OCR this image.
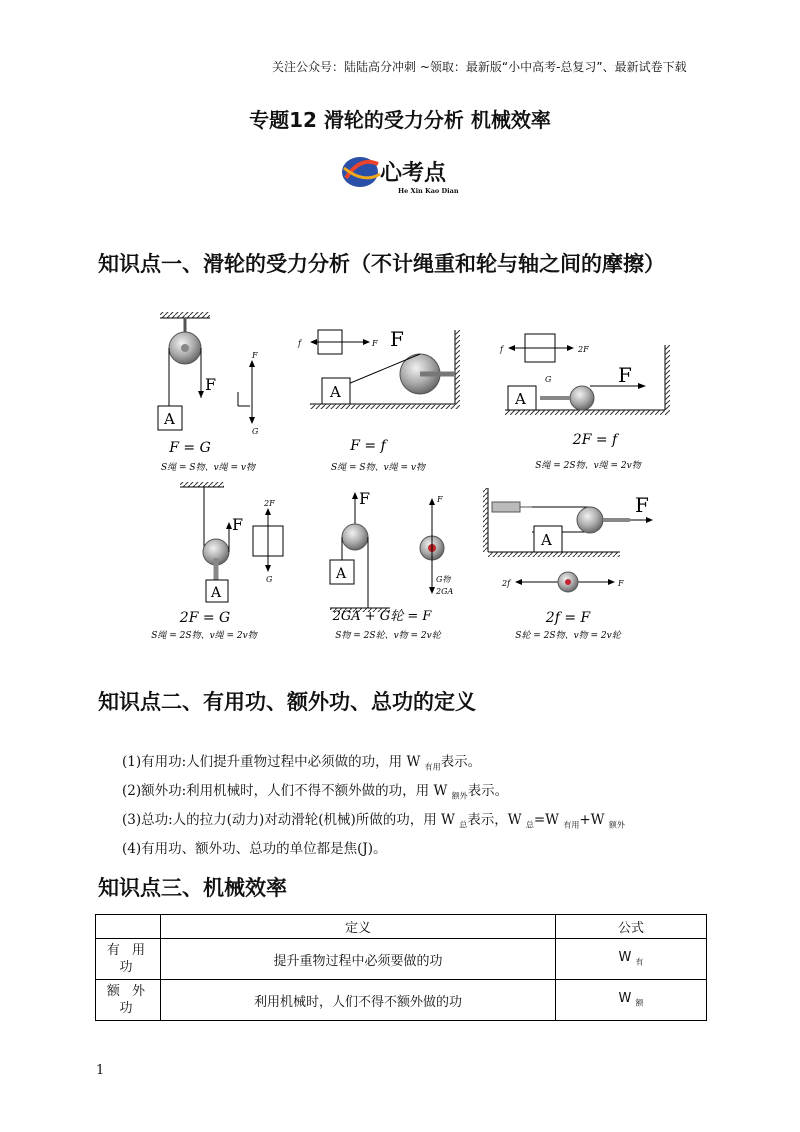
关注公众号：陆陆高分冲刺 ~领取：最新版“小中高考-总复习”、最新试卷下载
专题12 滑轮的受力分析 机械效率
心考点
He Xin Kao Dian
知识点一、滑轮的受力分析（不计绳重和轮与轴之间的摩擦）
F
A
F
G
F = G
S绳 = S物、v绳 = v物
f	F F
A
F = f
S绳 = S物、v绳 = v物
f	2F
F
G
A
2F = f
S绳 = 2S物、v绳 = 2v物
F
A
2F
G
2F = G
S绳 = 2S物、v绳 = 2v物
F
A
F
G物
2GA
2GA + G轮 = F
S物 = 2S轮、v物 = 2v轮
F
A
2f	F
2f = F
S轮 = 2S物、v物 = 2v轮
知识点二、有用功、额外功、总功的定义
(1)有用功:人们提升重物过程中必须做的功，用 W $_{有用}$表示。
(2)额外功:利用机械时，人们不得不额外做的功，用 W $_{额外}$表示。
(3)总功:人的拉力(动力)对动滑轮(机械)所做的功，用 W $_总$表示，W $_总$=W $_{有用}$+W $_{额外}$
(4)有用功、额外功、总功的单位都是焦(J)。
知识点三、机械效率
	定义	公式
有 用 功	提升重物过程中必须要做的功	W $_有$
额 外 功	利用机械时，人们不得不额外做的功	W $_额$
1
